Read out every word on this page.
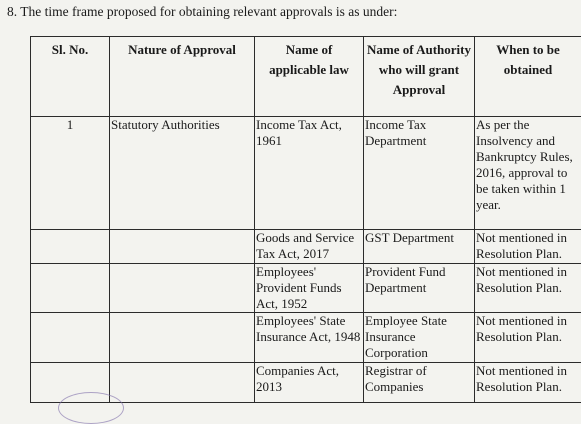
8. The time frame proposed for obtaining relevant approvals is as under:
Sl. No.	Nature of Approval	Name of applicable law	Name of Authority who will grant Approval	When to be obtained
1	Statutory Authorities	Income Tax Act, 1961	Income Tax Department	As per the Insolvency and Bankruptcy Rules, 2016, approval to be taken within 1 year.
		Goods and Service Tax Act, 2017	GST Department	Not mentioned in Resolution Plan.
		Employees' Provident Funds Act, 1952	Provident Fund Department	Not mentioned in Resolution Plan.
		Employees' State Insurance Act, 1948	Employee State Insurance Corporation	Not mentioned in Resolution Plan.
		Companies Act, 2013	Registrar of Companies	Not mentioned in Resolution Plan.
